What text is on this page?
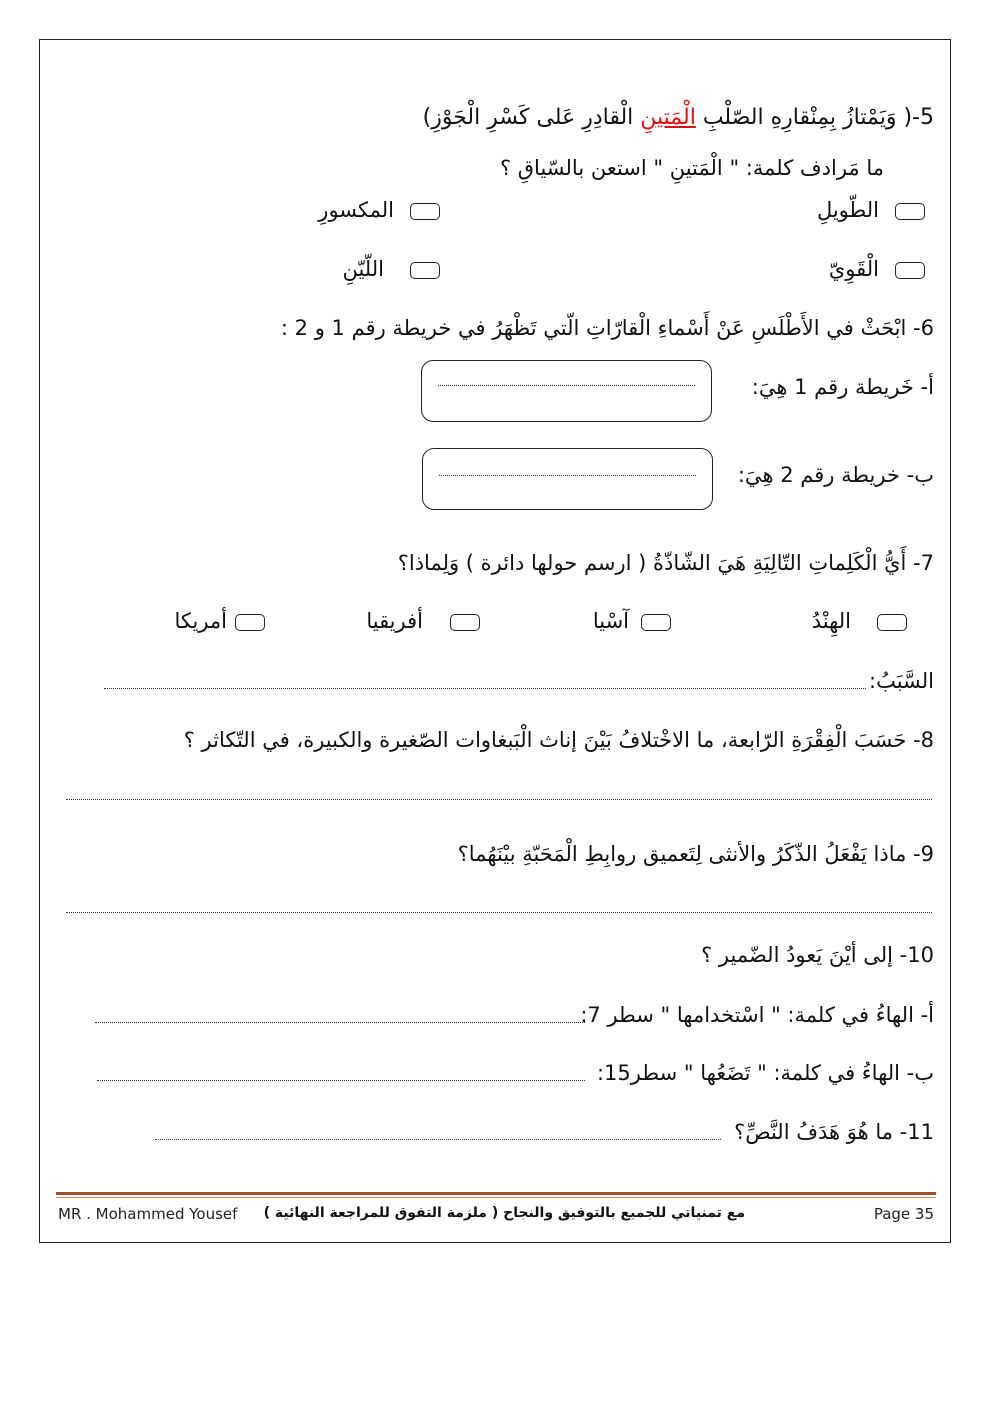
5-( وَيَمْتازُ بِمِنْقارِهِ الصّلْبِ الْمَتينِ الْقادِرِ عَلى كَسْرِ الْجَوْزِ)
ما مَرادف كلمة: " الْمَتينِ " استعن بالسّياقِ ؟
الطّويلِ
المكسورِ
الْقَوِيّ
اللّيّنِ
6- ابْحَثْ في الأَطْلَسِ عَنْ أَسْماءِ الْقارّاتِ الّتي تَظْهَرُ في خريطة رقم 1 و 2 :
أ- خَريطة رقم 1 هِيَ:
ب- خريطة رقم 2 هِيَ:
7- أَيُّ الْكَلِماتِ التّالِيَةِ هَيَ الشّاذّةُ ( ارسم حولها دائرة ) وَلِماذا؟
الهِنْدُ
آسْيا
أفريقيا
أمريكا
السَّبَبُ:
8- حَسَبَ الْفِقْرَةِ الرّابعة، ما الاخْتلافُ بَيْنَ إناث الْبَبغاوات الصّغيرة والكبيرة، في التّكاثر ؟
9- ماذا يَفْعَلُ الذّكَرُ والأنثى لِتَعميق روابِطِ الْمَحَبّةِ بيْنَهُما؟
10- إلى أيْنَ يَعودُ الضّمير ؟
أ- الهاءُ في كلمة: " اسْتخدامها " سطر 7:
ب- الهاءُ في كلمة: " تَضَعُها " سطر15:
11- ما هُوَ هَدَفُ النَّصِّ؟
MR . Mohammed Yousef مع تمنياتي للجميع بالتوفيق والنجاح ( ملزمة التفوق للمراجعة النهائية )	Page 35
